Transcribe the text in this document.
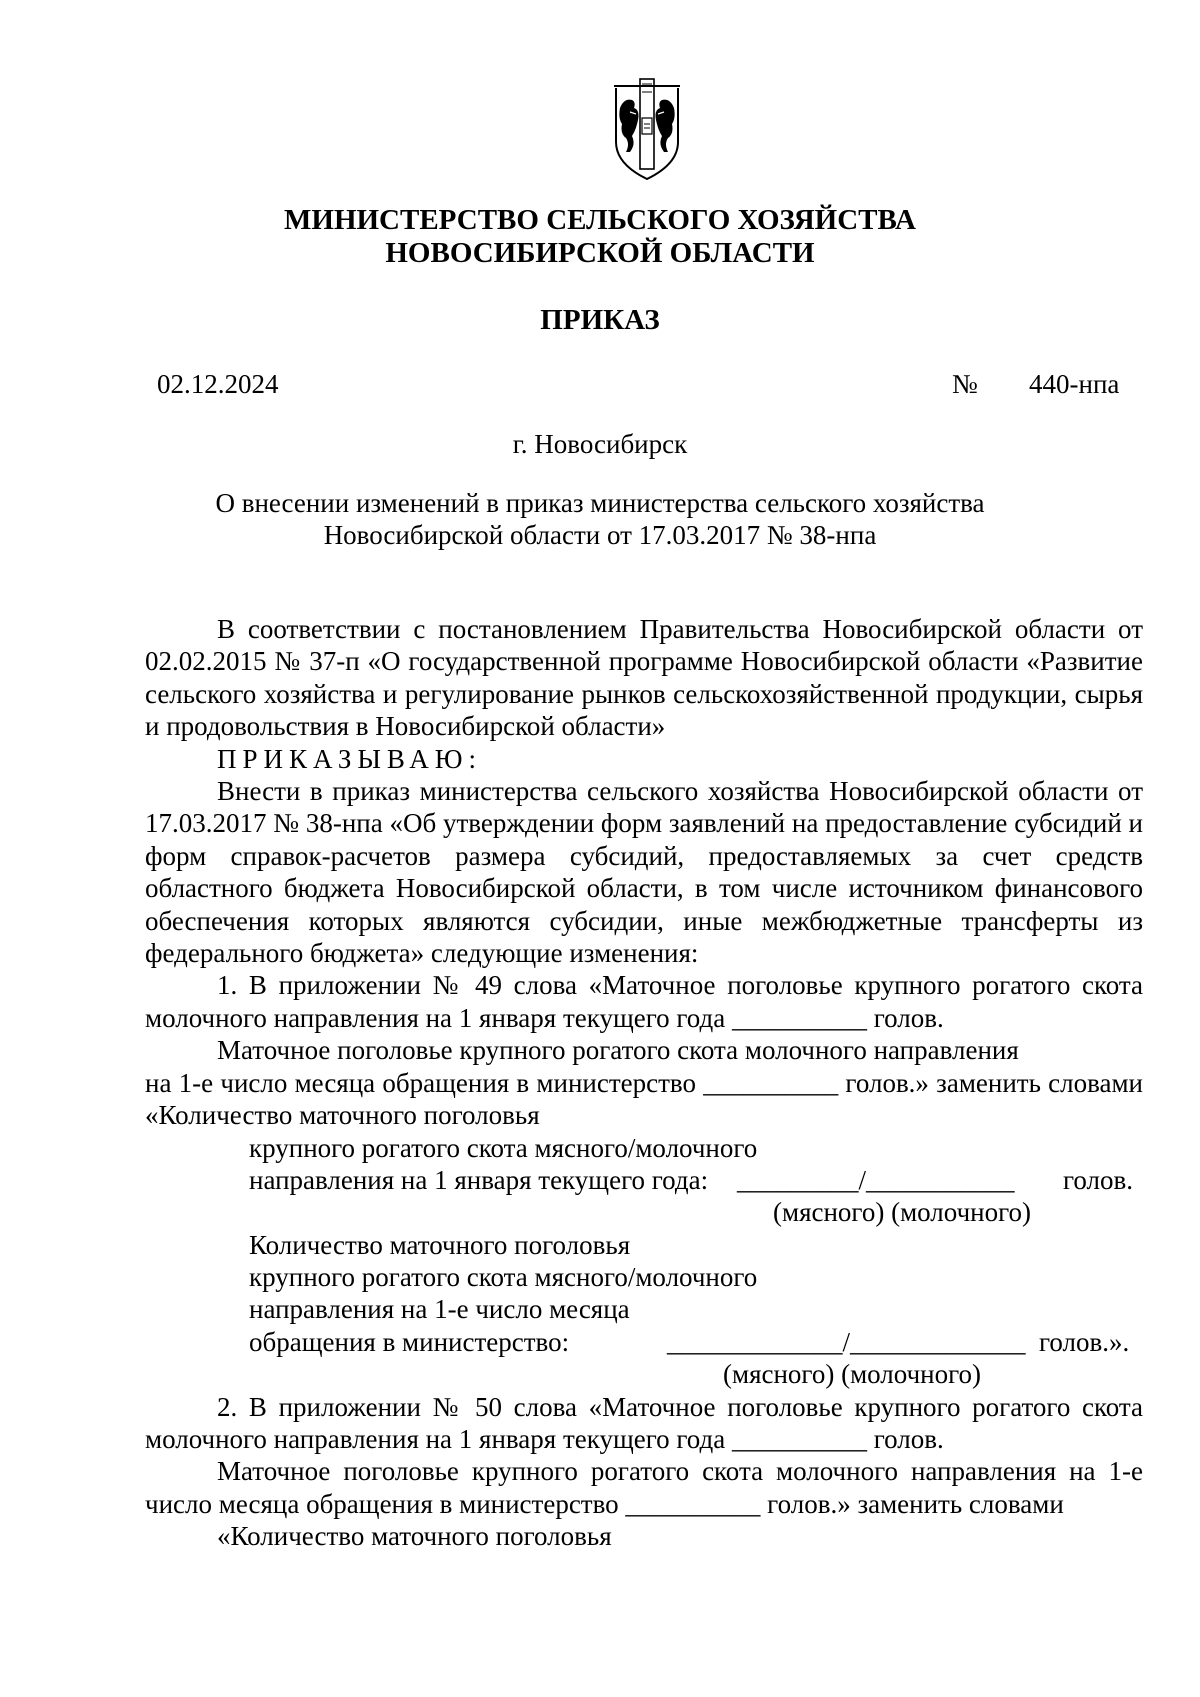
МИНИСТЕРСТВО СЕЛЬСКОГО ХОЗЯЙСТВА
НОВОСИБИРСКОЙ ОБЛАСТИ
ПРИКАЗ
02.12.2024	№ 440-нпа
г. Новосибирск
О внесении изменений в приказ министерства сельского хозяйства
Новосибирской области от 17.03.2017 № 38-нпа

В соответствии с постановлением Правительства Новосибирской области от 02.02.2015 № 37-п «О государственной программе Новосибирской области «Развитие сельского хозяйства и регулирование рынков сельскохозяйственной продукции, сырья и продовольствия в Новосибирской области»

ПРИКАЗЫВАЮ:

Внести в приказ министерства сельского хозяйства Новосибирской области от 17.03.2017 № 38-нпа «Об утверждении форм заявлений на предоставление субсидий и форм справок-расчетов размера субсидий, предоставляемых за счет средств областного бюджета Новосибирской области, в том числе источником финансового обеспечения которых являются субсидии, иные межбюджетные трансферты из федерального бюджета» следующие изменения:

1. В приложении № 49 слова «Маточное поголовье крупного рогатого скота молочного направления на 1 января текущего года __________ голов.

Маточное поголовье крупного рогатого скота молочного направления

на 1-е число месяца обращения в министерство __________ голов.» заменить словами «Количество маточного поголовья

крупного рогатого скота мясного/молочного
направления на 1 января текущего года: _________/___________ голов.
(мясного) (молочного)
Количество маточного поголовья
крупного рогатого скота мясного/молочного
направления на 1-е число месяца
обращения в министерство:	_____________/_____________ голов.».
(мясного) (молочного)

2. В приложении № 50 слова «Маточное поголовье крупного рогатого скота молочного направления на 1 января текущего года __________ голов.

Маточное поголовье крупного рогатого скота молочного направления на 1-е число месяца обращения в министерство __________ голов.» заменить словами

«Количество маточного поголовья
